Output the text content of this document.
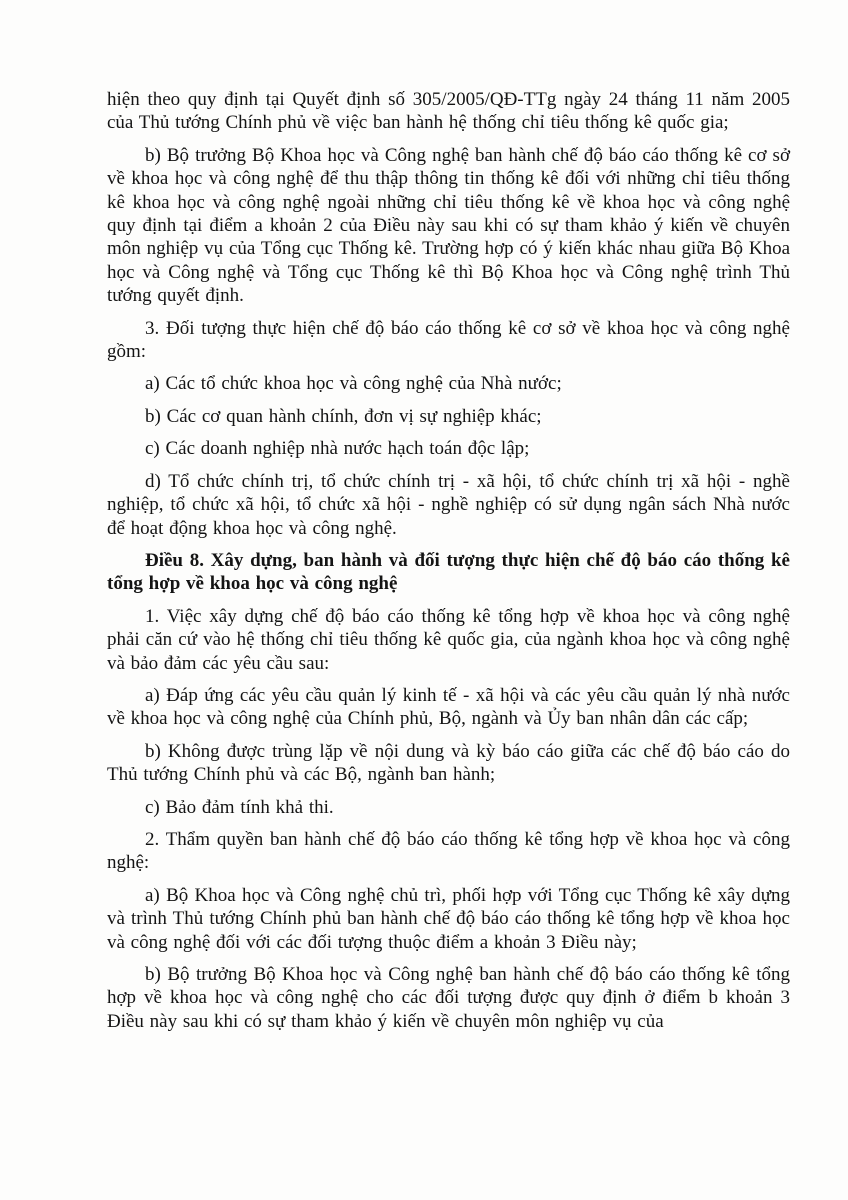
hiện theo quy định tại Quyết định số 305/2005/QĐ-TTg ngày 24 tháng 11 năm 2005 của Thủ tướng Chính phủ về việc ban hành hệ thống chỉ tiêu thống kê quốc gia;

b) Bộ trưởng Bộ Khoa học và Công nghệ ban hành chế độ báo cáo thống kê cơ sở về khoa học và công nghệ để thu thập thông tin thống kê đối với những chỉ tiêu thống kê khoa học và công nghệ ngoài những chỉ tiêu thống kê về khoa học và công nghệ quy định tại điểm a khoản 2 của Điều này sau khi có sự tham khảo ý kiến về chuyên môn nghiệp vụ của Tổng cục Thống kê. Trường hợp có ý kiến khác nhau giữa Bộ Khoa học và Công nghệ và Tổng cục Thống kê thì Bộ Khoa học và Công nghệ trình Thủ tướng quyết định.

3. Đối tượng thực hiện chế độ báo cáo thống kê cơ sở về khoa học và công nghệ gồm:

a) Các tổ chức khoa học và công nghệ của Nhà nước;

b) Các cơ quan hành chính, đơn vị sự nghiệp khác;

c) Các doanh nghiệp nhà nước hạch toán độc lập;

d) Tổ chức chính trị, tổ chức chính trị - xã hội, tổ chức chính trị xã hội - nghề nghiệp, tổ chức xã hội, tổ chức xã hội - nghề nghiệp có sử dụng ngân sách Nhà nước để hoạt động khoa học và công nghệ.

Điều 8. Xây dựng, ban hành và đối tượng thực hiện chế độ báo cáo thống kê tổng hợp về khoa học và công nghệ

1. Việc xây dựng chế độ báo cáo thống kê tổng hợp về khoa học và công nghệ phải căn cứ vào hệ thống chỉ tiêu thống kê quốc gia, của ngành khoa học và công nghệ và bảo đảm các yêu cầu sau:

a) Đáp ứng các yêu cầu quản lý kinh tế - xã hội và các yêu cầu quản lý nhà nước về khoa học và công nghệ của Chính phủ, Bộ, ngành và Ủy ban nhân dân các cấp;

b) Không được trùng lặp về nội dung và kỳ báo cáo giữa các chế độ báo cáo do Thủ tướng Chính phủ và các Bộ, ngành ban hành;

c) Bảo đảm tính khả thi.

2. Thẩm quyền ban hành chế độ báo cáo thống kê tổng hợp về khoa học và công nghệ:

a) Bộ Khoa học và Công nghệ chủ trì, phối hợp với Tổng cục Thống kê xây dựng và trình Thủ tướng Chính phủ ban hành chế độ báo cáo thống kê tổng hợp về khoa học và công nghệ đối với các đối tượng thuộc điểm a khoản 3 Điều này;

b) Bộ trưởng Bộ Khoa học và Công nghệ ban hành chế độ báo cáo thống kê tổng hợp về khoa học và công nghệ cho các đối tượng được quy định ở điểm b khoản 3 Điều này sau khi có sự tham khảo ý kiến về chuyên môn nghiệp vụ của
